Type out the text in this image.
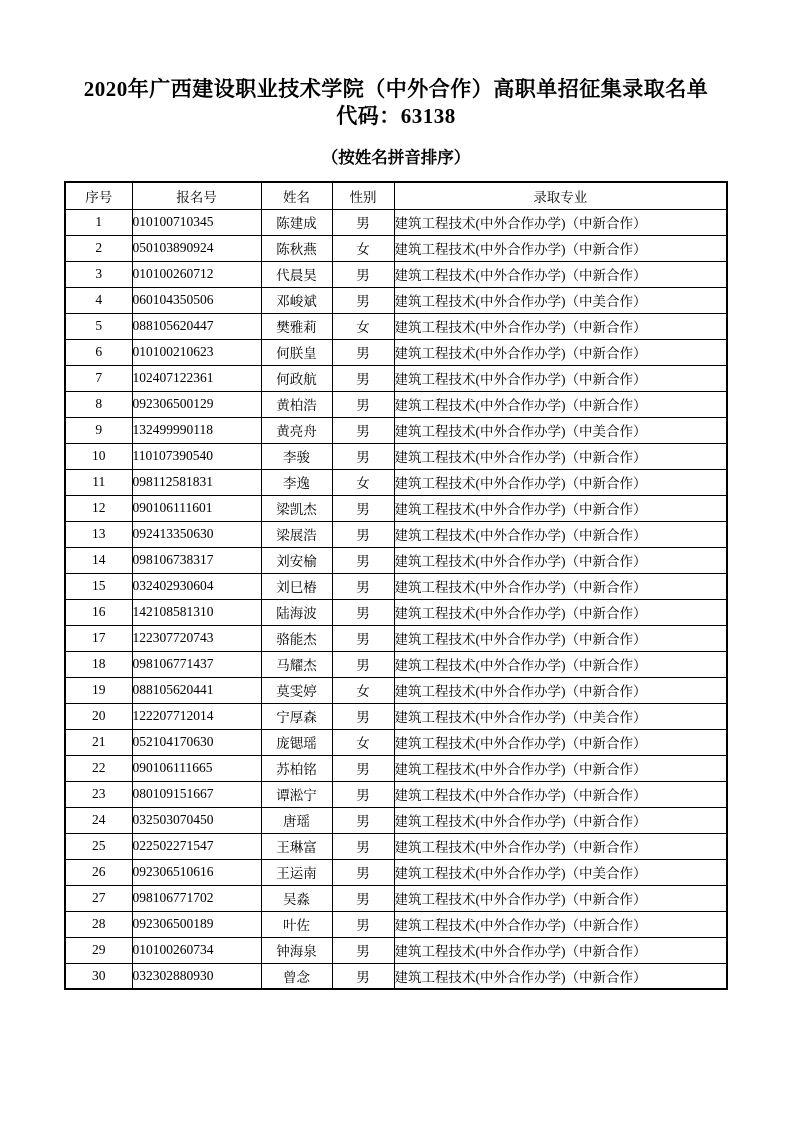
2020年广西建设职业技术学院（中外合作）高职单招征集录取名单
代码：63138
（按姓名拼音排序）
序号	报名号	姓名	性别	录取专业
1	010100710345	陈建成	男	建筑工程技术(中外合作办学)（中新合作）
2	050103890924	陈秋燕	女	建筑工程技术(中外合作办学)（中新合作）
3	010100260712	代晨昊	男	建筑工程技术(中外合作办学)（中新合作）
4	060104350506	邓峻斌	男	建筑工程技术(中外合作办学)（中美合作）
5	088105620447	樊雅莉	女	建筑工程技术(中外合作办学)（中新合作）
6	010100210623	何朕皇	男	建筑工程技术(中外合作办学)（中新合作）
7	102407122361	何政航	男	建筑工程技术(中外合作办学)（中新合作）
8	092306500129	黄柏浩	男	建筑工程技术(中外合作办学)（中新合作）
9	132499990118	黄亮舟	男	建筑工程技术(中外合作办学)（中美合作）
10	110107390540	李骏	男	建筑工程技术(中外合作办学)（中新合作）
11	098112581831	李逸	女	建筑工程技术(中外合作办学)（中新合作）
12	090106111601	梁凯杰	男	建筑工程技术(中外合作办学)（中新合作）
13	092413350630	梁展浩	男	建筑工程技术(中外合作办学)（中新合作）
14	098106738317	刘安榆	男	建筑工程技术(中外合作办学)（中新合作）
15	032402930604	刘巳椿	男	建筑工程技术(中外合作办学)（中新合作）
16	142108581310	陆海波	男	建筑工程技术(中外合作办学)（中新合作）
17	122307720743	骆能杰	男	建筑工程技术(中外合作办学)（中新合作）
18	098106771437	马耀杰	男	建筑工程技术(中外合作办学)（中新合作）
19	088105620441	莫雯婷	女	建筑工程技术(中外合作办学)（中新合作）
20	122207712014	宁厚森	男	建筑工程技术(中外合作办学)（中美合作）
21	052104170630	庞锶瑶	女	建筑工程技术(中外合作办学)（中新合作）
22	090106111665	苏柏铭	男	建筑工程技术(中外合作办学)（中新合作）
23	080109151667	谭淞宁	男	建筑工程技术(中外合作办学)（中新合作）
24	032503070450	唐瑶	男	建筑工程技术(中外合作办学)（中新合作）
25	022502271547	王琳富	男	建筑工程技术(中外合作办学)（中新合作）
26	092306510616	王运南	男	建筑工程技术(中外合作办学)（中美合作）
27	098106771702	吴淼	男	建筑工程技术(中外合作办学)（中新合作）
28	092306500189	叶佐	男	建筑工程技术(中外合作办学)（中新合作）
29	010100260734	钟海泉	男	建筑工程技术(中外合作办学)（中新合作）
30	032302880930	曾念	男	建筑工程技术(中外合作办学)（中新合作）
